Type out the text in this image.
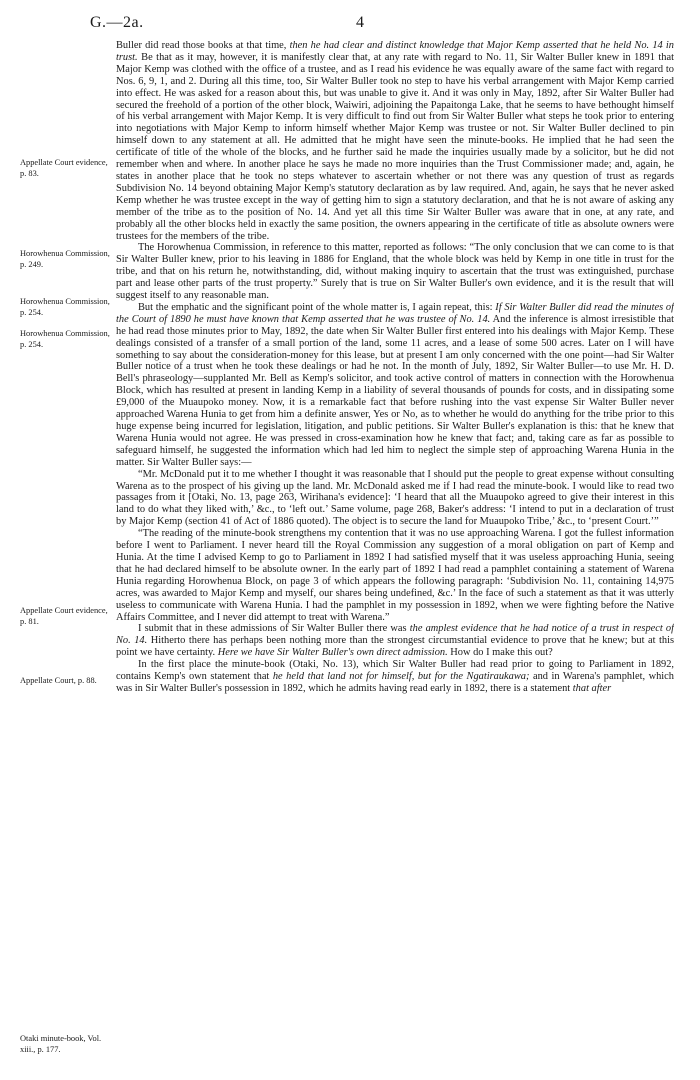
G.—2a.	4
Appellate Court evidence, p. 83.
Horowhenua Commission, p. 249.
Horowhenua Commission, p. 254.
Horowhenua Commission, p. 254.
Appellate Court evidence, p. 81.
Appellate Court, p. 88.
Otaki minute-book, Vol. xiii., p. 177.

Buller did read those books at that time, then he had clear and distinct knowledge that Major Kemp asserted that he held No. 14 in trust. Be that as it may, however, it is manifestly clear that, at any rate with regard to No. 11, Sir Walter Buller knew in 1891 that Major Kemp was clothed with the office of a trustee, and as I read his evidence he was equally aware of the same fact with regard to Nos. 6, 9, 1, and 2. During all this time, too, Sir Walter Buller took no step to have his verbal arrangement with Major Kemp carried into effect. He was asked for a reason about this, but was unable to give it. And it was only in May, 1892, after Sir Walter Buller had secured the freehold of a portion of the other block, Waiwiri, adjoining the Papaitonga Lake, that he seems to have bethought himself of his verbal arrangement with Major Kemp. It is very difficult to find out from Sir Walter Buller what steps he took prior to entering into negotiations with Major Kemp to inform himself whether Major Kemp was trustee or not. Sir Walter Buller declined to pin himself down to any statement at all. He admitted that he might have seen the minute-books. He implied that he had seen the certificate of title of the whole of the blocks, and he further said he made the inquiries usually made by a solicitor, but he did not remember when and where. In another place he says he made no more inquiries than the Trust Commissioner made; and, again, he states in another place that he took no steps whatever to ascertain whether or not there was any question of trust as regards Subdivision No. 14 beyond obtaining Major Kemp's statutory declaration as by law required. And, again, he says that he never asked Kemp whether he was trustee except in the way of getting him to sign a statutory declaration, and that he is not aware of asking any member of the tribe as to the position of No. 14. And yet all this time Sir Walter Buller was aware that in one, at any rate, and probably all the other blocks held in exactly the same position, the owners appearing in the certificate of title as absolute owners were trustees for the members of the tribe.

The Horowhenua Commission, in reference to this matter, reported as follows: “The only conclusion that we can come to is that Sir Walter Buller knew, prior to his leaving in 1886 for England, that the whole block was held by Kemp in one title in trust for the tribe, and that on his return he, notwithstanding, did, without making inquiry to ascertain that the trust was extinguished, purchase part and lease other parts of the trust property.” Surely that is true on Sir Walter Buller's own evidence, and it is the result that will suggest itself to any reasonable man.

But the emphatic and the significant point of the whole matter is, I again repeat, this: If Sir Walter Buller did read the minutes of the Court of 1890 he must have known that Kemp asserted that he was trustee of No. 14. And the inference is almost irresistible that he had read those minutes prior to May, 1892, the date when Sir Walter Buller first entered into his dealings with Major Kemp. These dealings consisted of a transfer of a small portion of the land, some 11 acres, and a lease of some 500 acres. Later on I will have something to say about the consideration-money for this lease, but at present I am only concerned with the one point—had Sir Walter Buller notice of a trust when he took these dealings or had he not. In the month of July, 1892, Sir Walter Buller—to use Mr. H. D. Bell's phraseology—supplanted Mr. Bell as Kemp's solicitor, and took active control of matters in connection with the Horowhenua Block, which has resulted at present in landing Kemp in a liability of several thousands of pounds for costs, and in dissipating some £9,000 of the Muaupoko money. Now, it is a remarkable fact that before rushing into the vast expense Sir Walter Buller never approached Warena Hunia to get from him a definite answer, Yes or No, as to whether he would do anything for the tribe prior to this huge expense being incurred for legislation, litigation, and public petitions. Sir Walter Buller's explanation is this: that he knew that Warena Hunia would not agree. He was pressed in cross-examination how he knew that fact; and, taking care as far as possible to safeguard himself, he suggested the information which had led him to neglect the simple step of approaching Warena Hunia in the matter. Sir Walter Buller says:—

“Mr. McDonald put it to me whether I thought it was reasonable that I should put the people to great expense without consulting Warena as to the prospect of his giving up the land. Mr. McDonald asked me if I had read the minute-book. I would like to read two passages from it [Otaki, No. 13, page 263, Wirihana's evidence]: ‘I heard that all the Muaupoko agreed to give their interest in this land to do what they liked with,’ &c., to ‘left out.’ Same volume, page 268, Baker's address: ‘I intend to put in a declaration of trust by Major Kemp (section 41 of Act of 1886 quoted). The object is to secure the land for Muaupoko Tribe,’ &c., to ‘present Court.’”

“The reading of the minute-book strengthens my contention that it was no use approaching Warena. I got the fullest information before I went to Parliament. I never heard till the Royal Commission any suggestion of a moral obligation on part of Kemp and Hunia. At the time I advised Kemp to go to Parliament in 1892 I had satisfied myself that it was useless approaching Hunia, seeing that he had declared himself to be absolute owner. In the early part of 1892 I had read a pamphlet containing a statement of Warena Hunia regarding Horowhenua Block, on page 3 of which appears the following paragraph: ‘Subdivision No. 11, containing 14,975 acres, was awarded to Major Kemp and myself, our shares being undefined, &c.’ In the face of such a statement as that it was utterly useless to communicate with Warena Hunia. I had the pamphlet in my possession in 1892, when we were fighting before the Native Affairs Committee, and I never did attempt to treat with Warena.”

I submit that in these admissions of Sir Walter Buller there was the amplest evidence that he had notice of a trust in respect of No. 14. Hitherto there has perhaps been nothing more than the strongest circumstantial evidence to prove that he knew; but at this point we have certainty. Here we have Sir Walter Buller's own direct admission. How do I make this out?

In the first place the minute-book (Otaki, No. 13), which Sir Walter Buller had read prior to going to Parliament in 1892, contains Kemp's own statement that he held that land not for himself, but for the Ngatiraukawa; and in Warena's pamphlet, which was in Sir Walter Buller's possession in 1892, which he admits having read early in 1892, there is a statement that after
